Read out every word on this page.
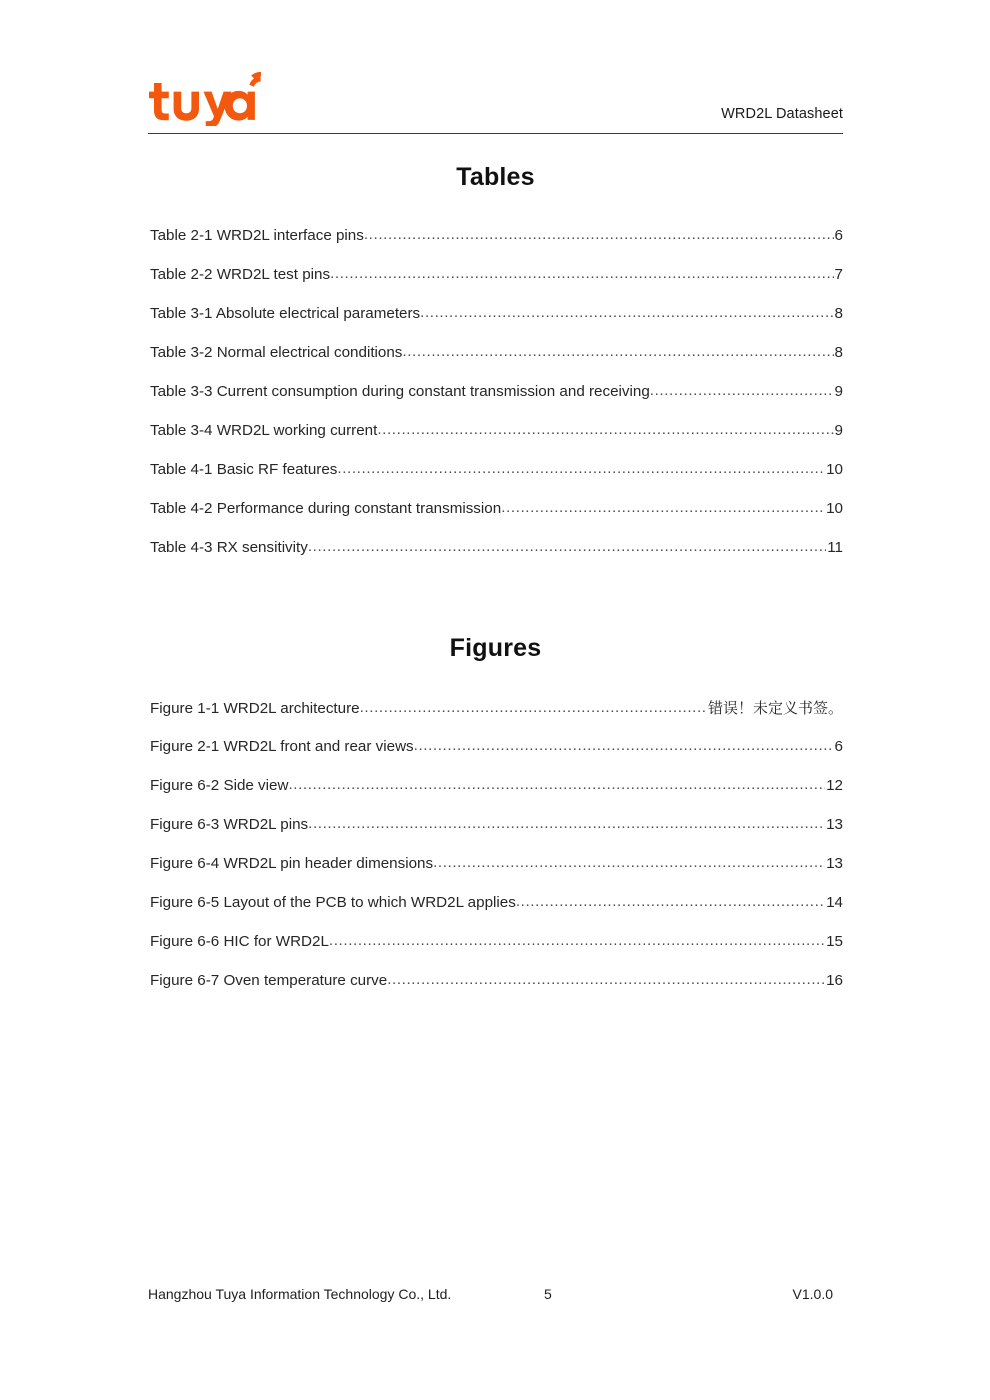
WRD2L Datasheet
Tables
Table 2-1 WRD2L interface pins .....	6
Table 2-2 WRD2L test pins .....	7
Table 3-1 Absolute electrical parameters .....	8
Table 3-2 Normal electrical conditions .....	8
Table 3-3 Current consumption during constant transmission and receiving .....	9
Table 3-4 WRD2L working current .....	9
Table 4-1 Basic RF features .....	10
Table 4-2 Performance during constant transmission .....	10
Table 4-3 RX sensitivity .....	11
Figures
Figure 1-1 WRD2L architecture .....	错误！未定义书签。
Figure 2-1 WRD2L front and rear views .....	6
Figure 6-2 Side view .....	12
Figure 6-3 WRD2L pins .....	13
Figure 6-4 WRD2L pin header dimensions .....	13
Figure 6-5 Layout of the PCB to which WRD2L applies .....	14
Figure 6-6 HIC for WRD2L .....	15
Figure 6-7 Oven temperature curve .....	16
Hangzhou Tuya Information Technology Co., Ltd.	5	V1.0.0
